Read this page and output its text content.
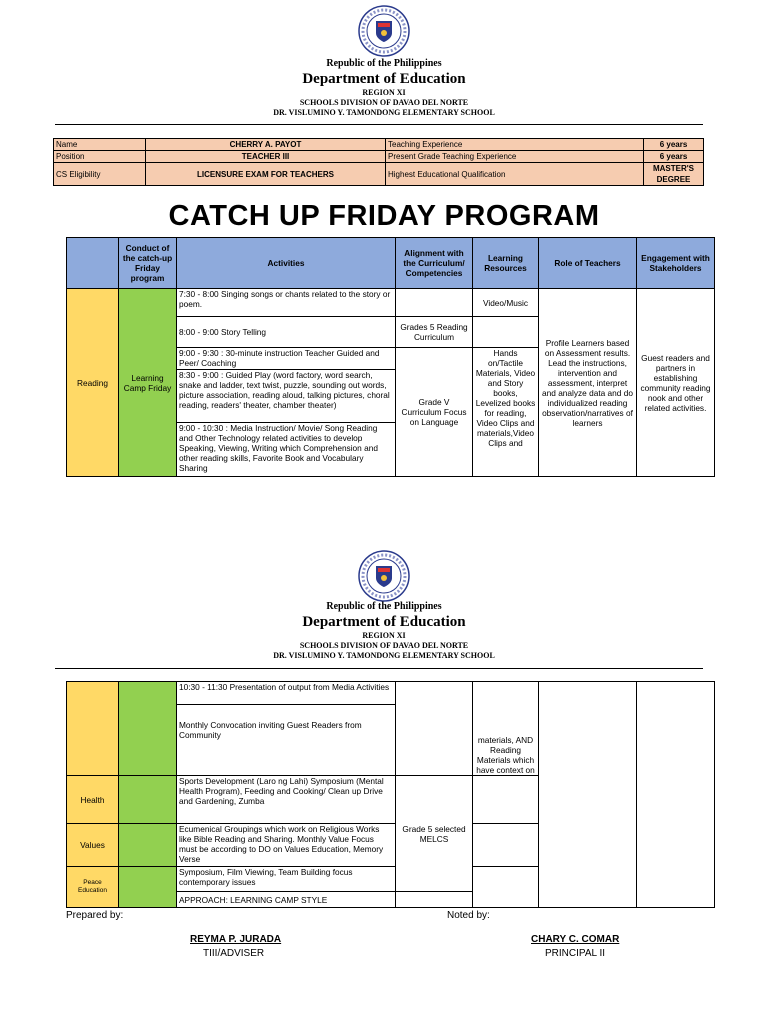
Republic of the Philippines
Department of Education
REGION XI
SCHOOLS DIVISION OF DAVAO DEL NORTE
DR. VISLUMINO Y. TAMONDONG ELEMENTARY SCHOOL
Name	CHERRY A. PAYOT	Teaching Experience	6 years
Position	TEACHER III	Present Grade Teaching Experience	6 years
CS Eligibility	LICENSURE EXAM FOR TEACHERS	Highest Educational Qualification	MASTER'S DEGREE
CATCH UP FRIDAY PROGRAM
	Conduct of the catch-up Friday program	Activities	Alignment with the Curriculum/ Competencies	Learning Resources	Role of Teachers	Engagement with Stakeholders
Reading	Learning Camp Friday	7:30 - 8:00 Singing songs or chants related to the story or poem.		Video/Music	Profile Learners based on Assessment results. Lead the instructions, intervention and assessment, interpret and analyze data and do individualized reading observation/narratives of learners	Guest readers and partners in establishing community reading nook and other related activities.
		8:00 - 9:00 Story Telling	Grades 5 Reading Curriculum			
		9:00 - 9:30 : 30-minute instruction Teacher Guided and Peer/ Coaching	Grade V Curriculum Focus on Language	Hands on/Tactile Materials, Video and Story books, Levelized books for reading, Video Clips and materials,Video Clips and		
		8:30 - 9:00 : Guided Play (word factory, word search, snake and ladder, text twist, puzzle, sounding out words, picture association, reading aloud, talking pictures, choral reading, readers' theater, chamber theater)				
		9:00 - 10:30 : Media Instruction/ Movie/ Song Reading and Other Technology related activities to develop Speaking, Viewing, Writing which Comprehension and other reading skills, Favorite Book and Vocabulary Sharing				
Republic of the Philippines
Department of Education
REGION XI
SCHOOLS DIVISION OF DAVAO DEL NORTE
DR. VISLUMINO Y. TAMONDONG ELEMENTARY SCHOOL
		10:30 - 11:30 Presentation of output from Media Activities		materials, AND Reading Materials which have context on		
		Monthly Convocation inviting Guest Readers from Community				
Health		Sports Development (Laro ng Lahi) Symposium (Mental Health Program), Feeding and Cooking/ Clean up Drive and Gardening, Zumba	Grade 5 selected MELCS			
Values		Ecumenical Groupings which work on Religious Works like Bible Reading and Sharing. Monthly Value Focus must be according to DO on Values Education, Memory Verse				
Peace Education		Symposium, Film Viewing, Team Building focus contemporary issues				
		APPROACH: LEARNING CAMP STYLE				
Prepared by:
REYMA P. JURADA
TIII/ADVISER
Noted by:
CHARY C. COMAR
PRINCIPAL II
